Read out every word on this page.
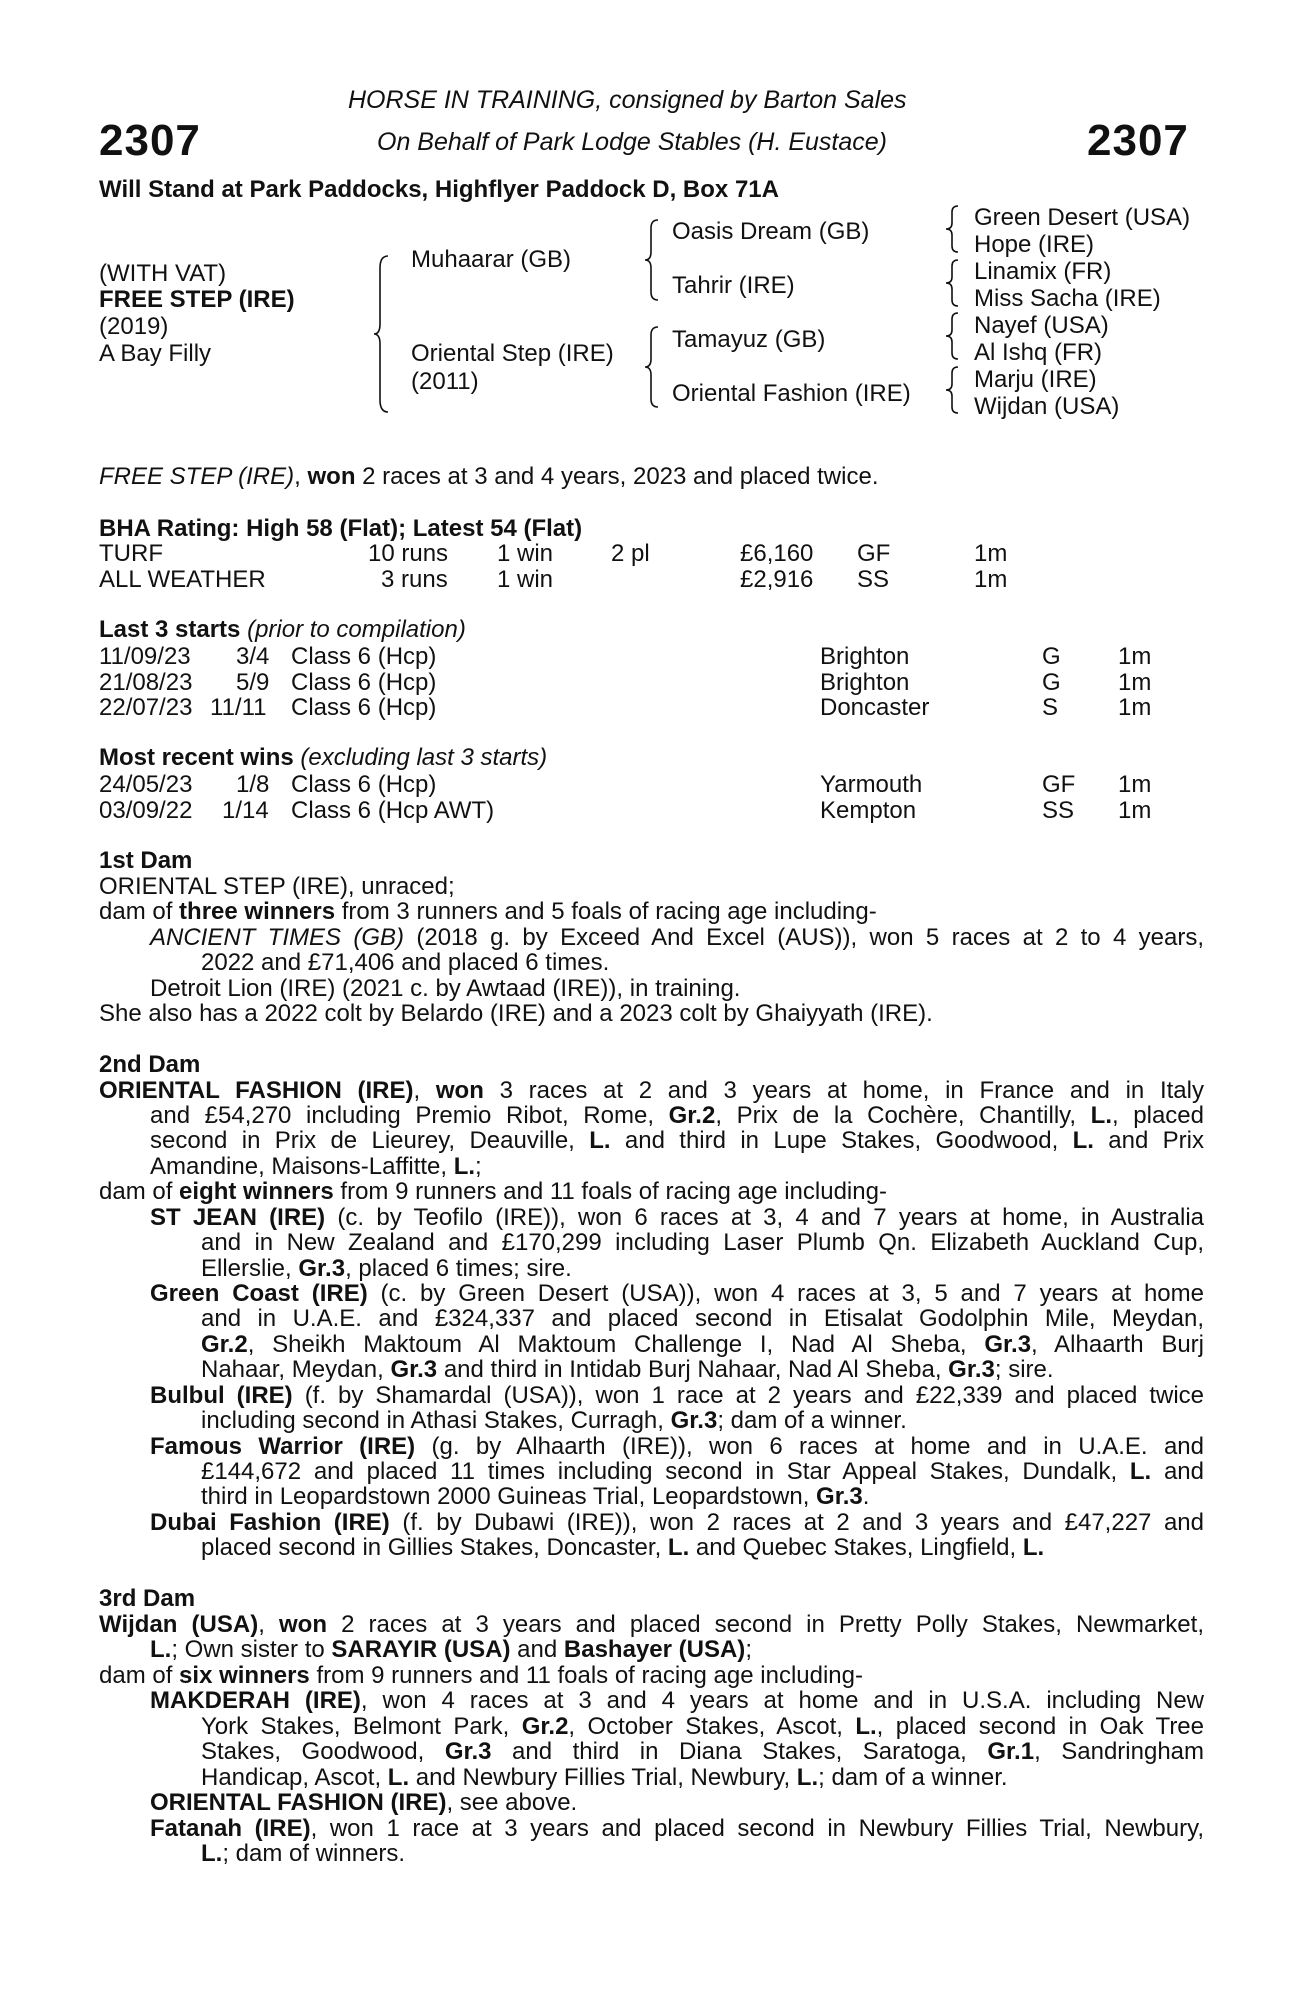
2307	2307
HORSE IN TRAINING, consigned by Barton Sales
On Behalf of Park Lodge Stables (H. Eustace)
Will Stand at Park Paddocks, Highflyer Paddock D, Box 71A
(WITH VAT)
FREE STEP (IRE)
(2019)
A Bay Filly
Muhaarar (GB)
Oriental Step (IRE)
(2011)
Oasis Dream (GB)
Tahrir (IRE)
Tamayuz (GB)
Oriental Fashion (IRE)
Green Desert (USA)
Hope (IRE)
Linamix (FR)
Miss Sacha (IRE)
Nayef (USA)
Al Ishq (FR)
Marju (IRE)
Wijdan (USA)
FREE STEP (IRE), won 2 races at 3 and 4 years, 2023 and placed twice.
BHA Rating: High 58 (Flat); Latest 54 (Flat)
TURF	10 runs 1 win 2 pl	£6,160 GF	1m
ALL WEATHER	3 runs 1 win	£2,916 SS	1m
Last 3 starts (prior to compilation)
11/09/23 3/4 Class 6 (Hcp)	Brighton	G 1m
21/08/23 5/9 Class 6 (Hcp)	Brighton	G 1m
22/07/23 11/11 Class 6 (Hcp)	Doncaster	S 1m
Most recent wins (excluding last 3 starts)
24/05/23 1/8 Class 6 (Hcp)	Yarmouth	GF 1m
03/09/22 1/14 Class 6 (Hcp AWT)	Kempton	SS 1m
1st Dam
ORIENTAL STEP (IRE), unraced;
dam of three winners from 3 runners and 5 foals of racing age including-
ANCIENT TIMES (GB) (2018 g. by Exceed And Excel (AUS)), won 5 races at 2 to 4 years,
2022 and £71,406 and placed 6 times.
Detroit Lion (IRE) (2021 c. by Awtaad (IRE)), in training.
She also has a 2022 colt by Belardo (IRE) and a 2023 colt by Ghaiyyath (IRE).
2nd Dam
ORIENTAL FASHION (IRE), won 3 races at 2 and 3 years at home, in France and in Italy
and £54,270 including Premio Ribot, Rome, Gr.2, Prix de la Cochère, Chantilly, L., placed
second in Prix de Lieurey, Deauville, L. and third in Lupe Stakes, Goodwood, L. and Prix
Amandine, Maisons-Laffitte, L.;
dam of eight winners from 9 runners and 11 foals of racing age including-
ST JEAN (IRE) (c. by Teofilo (IRE)), won 6 races at 3, 4 and 7 years at home, in Australia
and in New Zealand and £170,299 including Laser Plumb Qn. Elizabeth Auckland Cup,
Ellerslie, Gr.3, placed 6 times; sire.
Green Coast (IRE) (c. by Green Desert (USA)), won 4 races at 3, 5 and 7 years at home
and in U.A.E. and £324,337 and placed second in Etisalat Godolphin Mile, Meydan,
Gr.2, Sheikh Maktoum Al Maktoum Challenge I, Nad Al Sheba, Gr.3, Alhaarth Burj
Nahaar, Meydan, Gr.3 and third in Intidab Burj Nahaar, Nad Al Sheba, Gr.3; sire.
Bulbul (IRE) (f. by Shamardal (USA)), won 1 race at 2 years and £22,339 and placed twice
including second in Athasi Stakes, Curragh, Gr.3; dam of a winner.
Famous Warrior (IRE) (g. by Alhaarth (IRE)), won 6 races at home and in U.A.E. and
£144,672 and placed 11 times including second in Star Appeal Stakes, Dundalk, L. and
third in Leopardstown 2000 Guineas Trial, Leopardstown, Gr.3.
Dubai Fashion (IRE) (f. by Dubawi (IRE)), won 2 races at 2 and 3 years and £47,227 and
placed second in Gillies Stakes, Doncaster, L. and Quebec Stakes, Lingfield, L.
3rd Dam
Wijdan (USA), won 2 races at 3 years and placed second in Pretty Polly Stakes, Newmarket,
L.; Own sister to SARAYIR (USA) and Bashayer (USA);
dam of six winners from 9 runners and 11 foals of racing age including-
MAKDERAH (IRE), won 4 races at 3 and 4 years at home and in U.S.A. including New
York Stakes, Belmont Park, Gr.2, October Stakes, Ascot, L., placed second in Oak Tree
Stakes, Goodwood, Gr.3 and third in Diana Stakes, Saratoga, Gr.1, Sandringham
Handicap, Ascot, L. and Newbury Fillies Trial, Newbury, L.; dam of a winner.
ORIENTAL FASHION (IRE), see above.
Fatanah (IRE), won 1 race at 3 years and placed second in Newbury Fillies Trial, Newbury,
L.; dam of winners.
